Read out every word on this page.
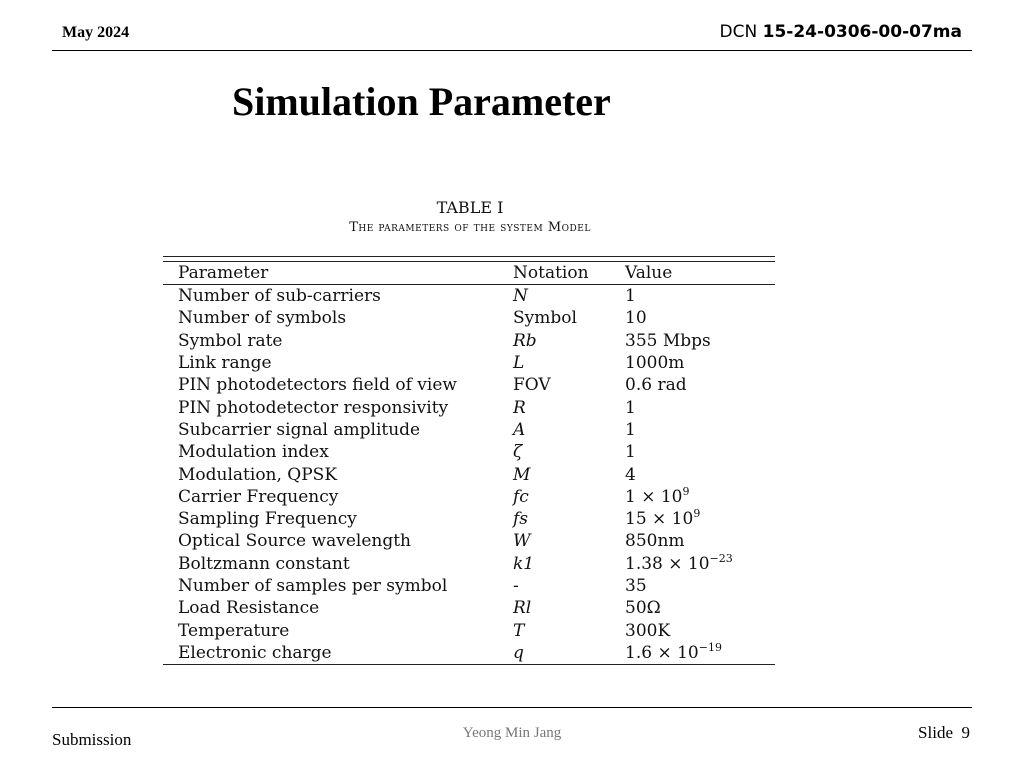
May 2024	DCN 15-24-0306-00-07ma
Simulation Parameter
TABLE I
The parameters of the system Model
Parameter	Notation	Value
Number of sub-carriers	N	1
Number of symbols	Symbol	10
Symbol rate	Rb	355 Mbps
Link range	L	1000m
PIN photodetectors field of view	FOV	0.6 rad
PIN photodetector responsivity	R	1
Subcarrier signal amplitude	A	1
Modulation index	ζ	1
Modulation, QPSK	M	4
Carrier Frequency	fc	$1 \times 10^9$
Sampling Frequency	fs	$15 \times 10^9$
Optical Source wavelength	W	850nm
Boltzmann constant	k1	$1.38 \times 10^{-23}$
Number of samples per symbol	-	35
Load Resistance	Rl	50Ω
Temperature	T	300K
Electronic charge	q	$1.6 \times 10^{-19}$
Submission	Yeong Min Jang	Slide 9
